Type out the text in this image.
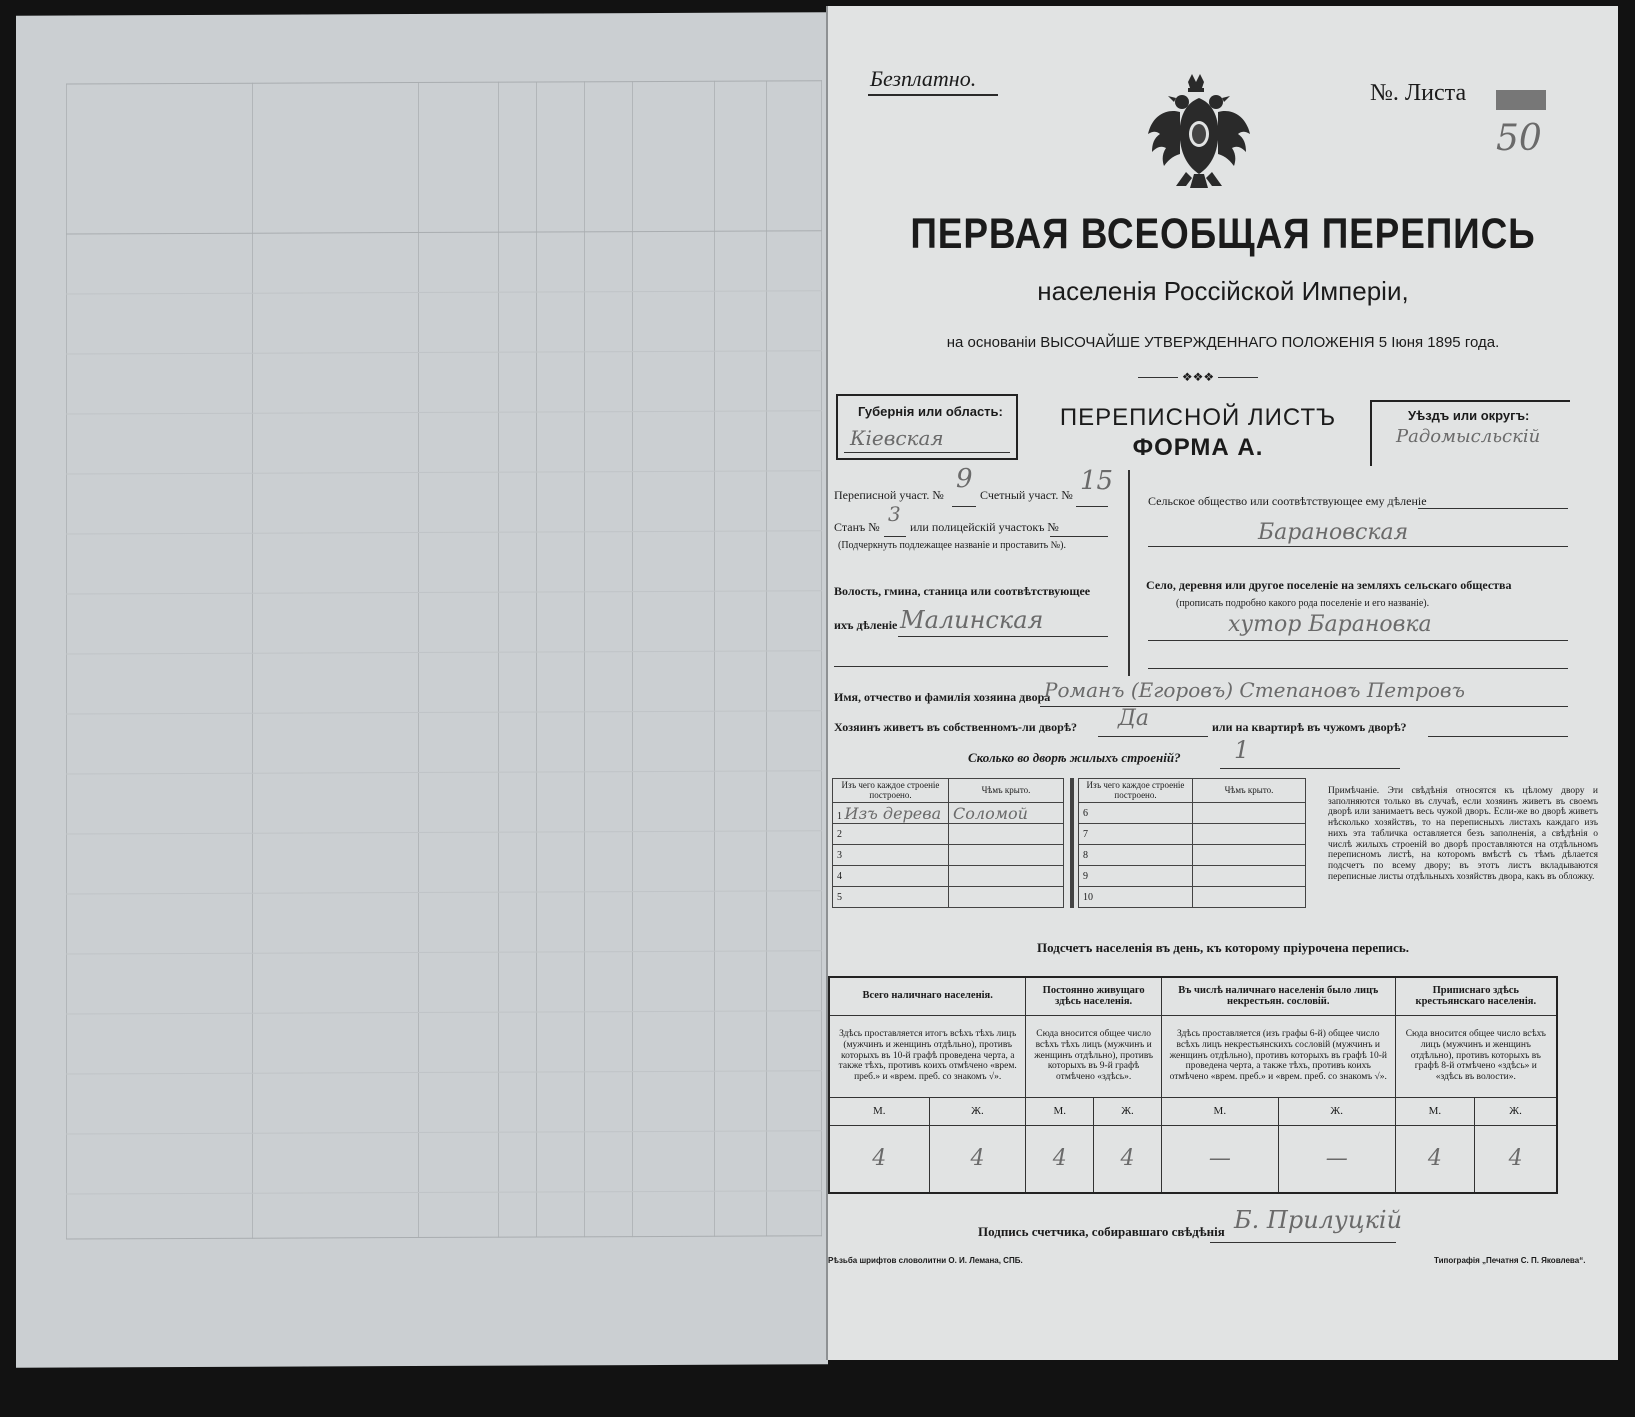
Безплатно.
№. Листа
50
ПЕРВАЯ ВСЕОБЩАЯ ПЕРЕПИСЬ
населенія Россійской Имперіи,
на основаніи ВЫСОЧАЙШЕ УТВЕРЖДЕННАГО ПОЛОЖЕНІЯ 5 Іюня 1895 года.
❖❖❖
Губернія или область:
Кіевская
ПЕРЕПИСНОЙ ЛИСТЪ
ФОРМА А.
Уѣздъ или округъ:
Радомысльскій
Переписной участ. №
9
Счетный участ. № 15
Станъ №
3
или полицейскій участокъ №
(Подчеркнуть подлежащее названіе и проставить №).
Волость, гмина, станица или соотвѣтствующее
ихъ дѣленіе Малинская
Сельское общество или соотвѣтствующее ему дѣленіе
Барановская
Село, деревня или другое поселеніе на земляхъ сельскаго общества
(прописать подробно какого рода поселеніе и его названіе).
хутор Барановка
Имя, отчество и фамилія хозяина двора
Романъ (Егоровъ) Степановъ Петровъ
Хозяинъ живетъ въ собственномъ-ли дворѣ? Да	или на квартирѣ въ чужомъ дворѣ?
Сколько во дворѣ жилыхъ строеній? 1
Изъ чего каждое строеніе построено.	Чѣмъ крыто.
1 Изъ дерева	Соломой
2	
3	
4	
5	
Изъ чего каждое строеніе построено.	Чѣмъ крыто.
6	
7	
8	
9	
10	
Примѣчаніе. Эти свѣдѣнія относятся къ цѣлому двору и заполняются только въ случаѣ, если хозяинъ живетъ въ своемъ дворѣ или занимаетъ весь чужой дворъ. Если-же во дворѣ живетъ нѣсколько хозяйствъ, то на переписныхъ листахъ каждаго изъ нихъ эта табличка оставляется безъ заполненія, а свѣдѣнія о числѣ жилыхъ строеній во дворѣ проставляются на отдѣльномъ переписномъ листѣ, на которомъ вмѣстѣ съ тѣмъ дѣлается подсчетъ по всему двору; въ этотъ листъ вкладываются переписные листы отдѣльныхъ хозяйствъ двора, какъ въ обложку.
Подсчетъ населенія въ день, къ которому пріурочена перепись.
Всего наличнаго населенія.		Постоянно живущаго здѣсь населенія.		Въ числѣ наличнаго населенія было лицъ некрестьян. сословій.		Приписнаго здѣсь крестьянскаго населенія.	
Здѣсь проставляется итогъ всѣхъ тѣхъ лицъ (мужчинъ и женщинъ отдѣльно), противъ которыхъ въ 10-й графѣ проведена черта, а также тѣхъ, противъ коихъ отмѣчено «врем. преб.» и «врем. преб. со знакомъ √».		Сюда вносится общее число всѣхъ тѣхъ лицъ (мужчинъ и женщинъ отдѣльно), противъ которыхъ въ 9-й графѣ отмѣчено «здѣсь».		Здѣсь проставляется (изъ графы 6-й) общее число всѣхъ лицъ некрестьянскихъ сословій (мужчинъ и женщинъ отдѣльно), противъ которыхъ въ графѣ 10-й проведена черта, а также тѣхъ, противъ коихъ отмѣчено «врем. преб.» и «врем. преб. со знакомъ √».		Сюда вносится общее число всѣхъ лицъ (мужчинъ и женщинъ отдѣльно), противъ которыхъ въ графѣ 8-й отмѣчено «здѣсь» и «здѣсь въ волости».	
М.	Ж.	М.	Ж.	М.	Ж.	М.	Ж.
4	4	4	4	—	—	4	4
Подпись счетчика, собиравшаго свѣдѣнія Б. Прилуцкій
Рѣзьба шрифтов словолитни О. И. Лемана, СПБ.	Типографія „Печатня С. П. Яковлева“.
